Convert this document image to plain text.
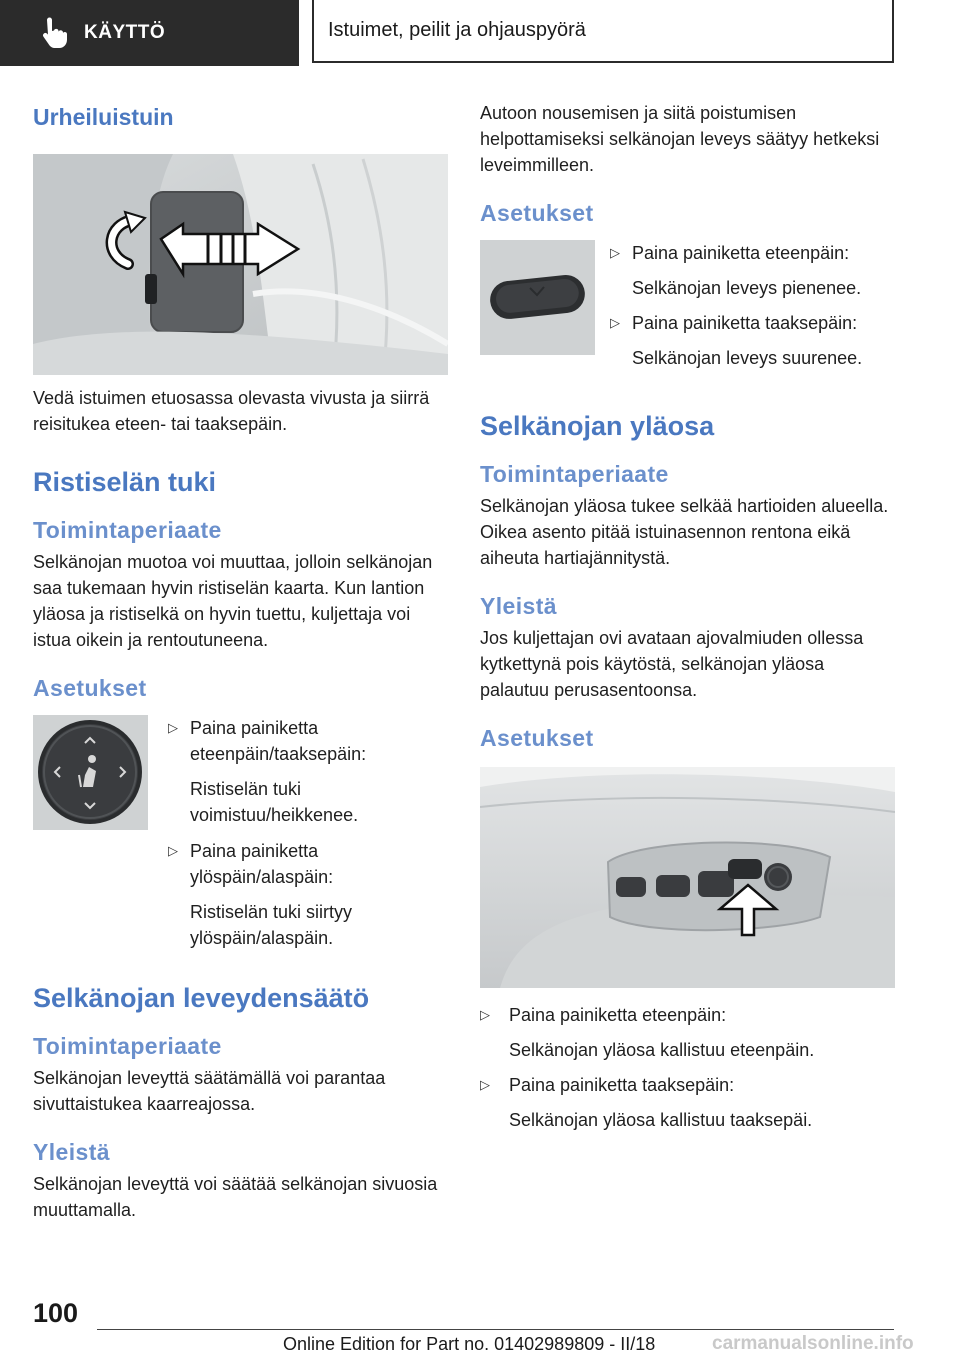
KÄYTTÖ	Istuimet, peilit ja ohjauspyörä
Urheiluistuin

Vedä istuimen etuosassa olevasta vivusta ja siirrä reisitukea eteen- tai taaksepäin.

Ristiselän tuki
Toimintaperiaate

Selkänojan muotoa voi muuttaa, jolloin selkänojan saa tukemaan hyvin ristiselän kaarta. Kun lantion yläosa ja ristiselkä on hyvin tuettu, kuljettaja voi istua oikein ja rentoutuneena.

Asetukset
▷ Paina painiketta eteenpäin/taaksepäin:
Ristiselän tuki voimistuu/heikkenee.
▷ Paina painiketta ylöspäin/alaspäin:
Ristiselän tuki siirtyy ylöspäin/alaspäin.
Selkänojan leveydensäätö
Toimintaperiaate

Selkänojan leveyttä säätämällä voi parantaa sivuttaistukea kaarreajossa.

Yleistä

Selkänojan leveyttä voi säätää selkänojan sivuosia muuttamalla.

Autoon nousemisen ja siitä poistumisen helpottamiseksi selkänojan leveys säätyy hetkeksi leveimmilleen.

Asetukset
▷ Paina painiketta eteenpäin:
Selkänojan leveys pienenee.
▷ Paina painiketta taaksepäin:
Selkänojan leveys suurenee.
Selkänojan yläosa
Toimintaperiaate

Selkänojan yläosa tukee selkää hartioiden alueella. Oikea asento pitää istuinasennon rentona eikä aiheuta hartiajännitystä.

Yleistä

Jos kuljettajan ovi avataan ajovalmiuden ollessa kytkettynä pois käytöstä, selkänojan yläosa palautuu perusasentoonsa.

Asetukset
▷	Paina painiketta eteenpäin:
Selkänojan yläosa kallistuu eteenpäin.
▷	Paina painiketta taaksepäin:
Selkänojan yläosa kallistuu taaksepäi.
100
Online Edition for Part no. 01402989809 - II/18	carmanualsonline.info
